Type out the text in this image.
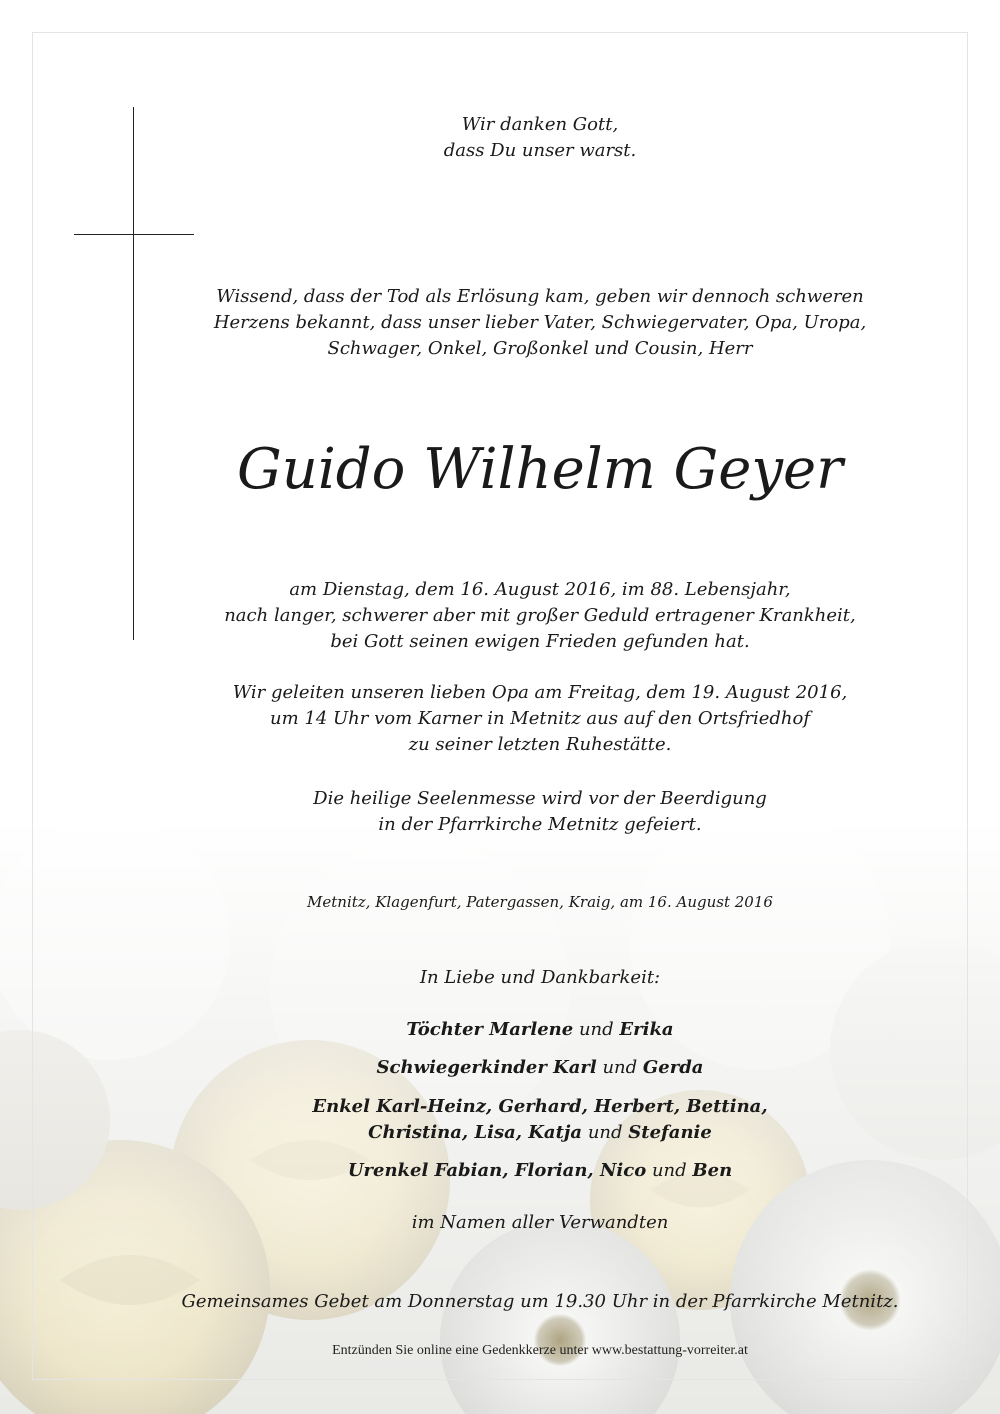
Wir danken Gott,
dass Du unser warst.
Wissend, dass der Tod als Erlösung kam, geben wir dennoch schweren
Herzens bekannt, dass unser lieber Vater, Schwiegervater, Opa, Uropa,
Schwager, Onkel, Großonkel und Cousin, Herr
Guido Wilhelm Geyer
am Dienstag, dem 16. August 2016, im 88. Lebensjahr,
nach langer, schwerer aber mit großer Geduld ertragener Krankheit,
bei Gott seinen ewigen Frieden gefunden hat.
Wir geleiten unseren lieben Opa am Freitag, dem 19. August 2016,
um 14 Uhr vom Karner in Metnitz aus auf den Ortsfriedhof
zu seiner letzten Ruhestätte.
Die heilige Seelenmesse wird vor der Beerdigung
in der Pfarrkirche Metnitz gefeiert.
Metnitz, Klagenfurt, Patergassen, Kraig, am 16. August 2016
In Liebe und Dankbarkeit:
Töchter Marlene und Erika
Schwiegerkinder Karl und Gerda
Enkel Karl-Heinz, Gerhard, Herbert, Bettina,
Christina, Lisa, Katja und Stefanie
Urenkel Fabian, Florian, Nico und Ben
im Namen aller Verwandten
Gemeinsames Gebet am Donnerstag um 19.30 Uhr in der Pfarrkirche Metnitz.
Entzünden Sie online eine Gedenkkerze unter www.bestattung-vorreiter.at
